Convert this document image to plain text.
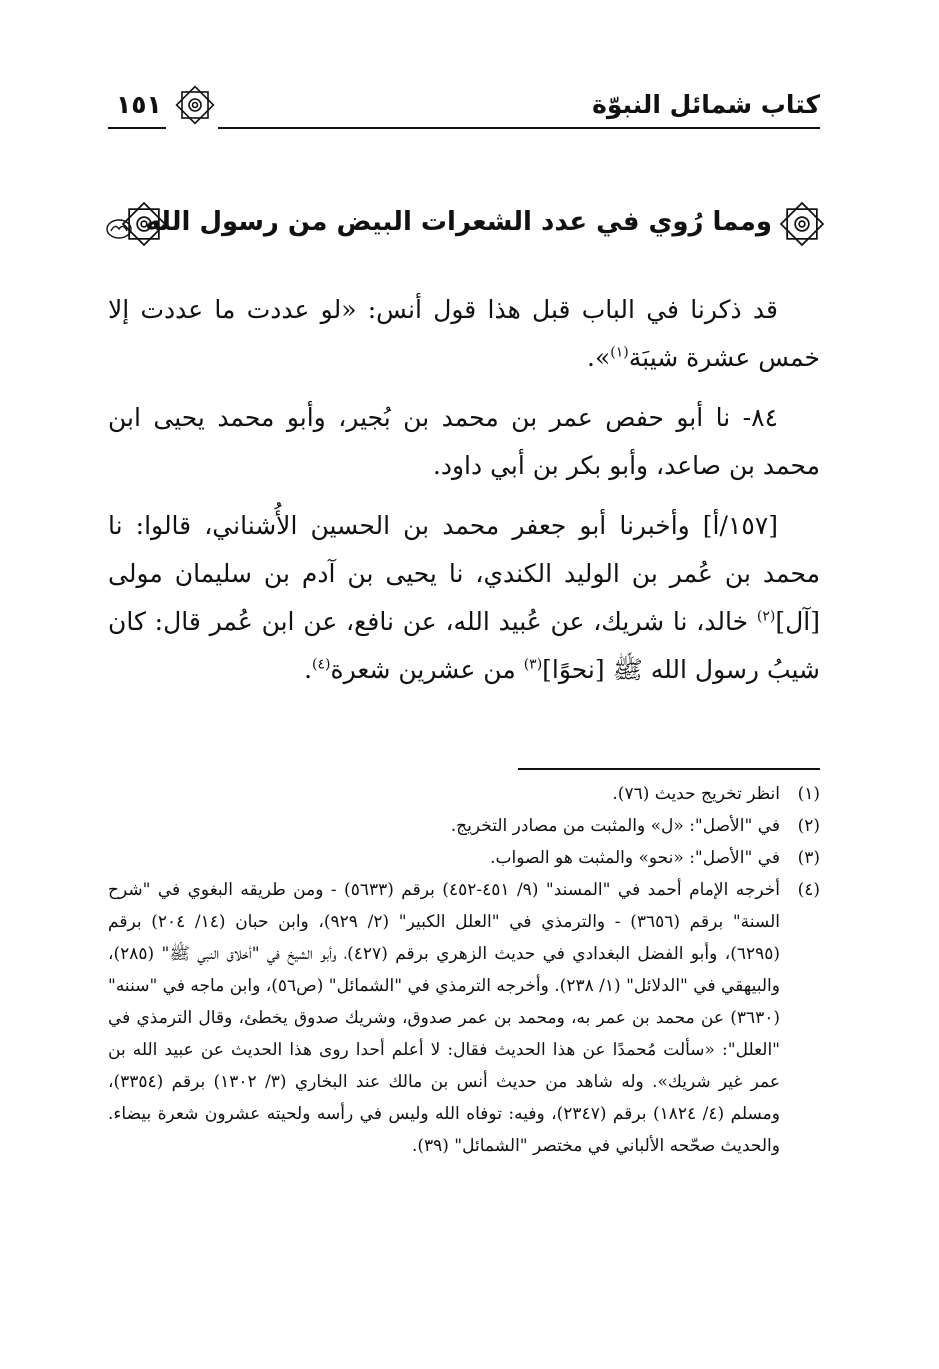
كتاب شمائل النبوّة
١٥١
ومما رُوي في عدد الشعرات البيض من رسول الله

قد ذكرنا في الباب قبل هذا قول أنس: «لو عددت ما عددت إلا خمس عشرة شيبَة$^{(١)}$».

٨٤- نا أبو حفص عمر بن محمد بن بُجير، وأبو محمد يحيى ابن محمد بن صاعد، وأبو بكر بن أبي داود.

[١٥٧/أ] وأخبرنا أبو جعفر محمد بن الحسين الأُشناني، قالوا: نا محمد بن عُمر بن الوليد الكندي، نا يحيى بن آدم بن سليمان مولى [آل]$^{(٢)}$ خالد، نا شريك، عن عُبيد الله، عن نافع، عن ابن عُمر قال: كان شيبُ رسول الله ﷺ [نحوًا]$^{(٣)}$ من عشرين شعرة$^{(٤)}$.

(١)
انظر تخريج حديث (٧٦).

(٢)
في "الأصل": «ل» والمثبت من مصادر التخريج.

(٣)
في "الأصل": «نحو» والمثبت هو الصواب.

(٤)
أخرجه الإمام أحمد في "المسند" (٩/ ٤٥١-٤٥٢) برقم (٥٦٣٣) - ومن طريقه البغوي في "شرح السنة" برقم (٣٦٥٦) - والترمذي في "العلل الكبير" (٢/ ٩٢٩)، وابن حبان (١٤/ ٢٠٤) برقم (٦٢٩٥)، وأبو الفضل البغدادي في حديث الزهري برقم (٤٢٧)، وأبو الشيخ في "أخلاق النبي ﷺ" (٢٨٥)، والبيهقي في "الدلائل" (١/ ٢٣٨). وأخرجه الترمذي في "الشمائل" (ص٥٦)، وابن ماجه في "سننه" (٣٦٣٠) عن محمد بن عمر به، ومحمد بن عمر صدوق، وشريك صدوق يخطئ، وقال الترمذي في "العلل": «سألت مُحمدًا عن هذا الحديث فقال: لا أعلم أحدا روى هذا الحديث عن عبيد الله بن عمر غير شريك». وله شاهد من حديث أنس بن مالك عند البخاري (٣/ ١٣٠٢) برقم (٣٣٥٤)، ومسلم (٤/ ١٨٢٤) برقم (٢٣٤٧)، وفيه: توفاه الله وليس في رأسه ولحيته عشرون شعرة بيضاء. والحديث صحّحه الألباني في مختصر "الشمائل" (٣٩).
